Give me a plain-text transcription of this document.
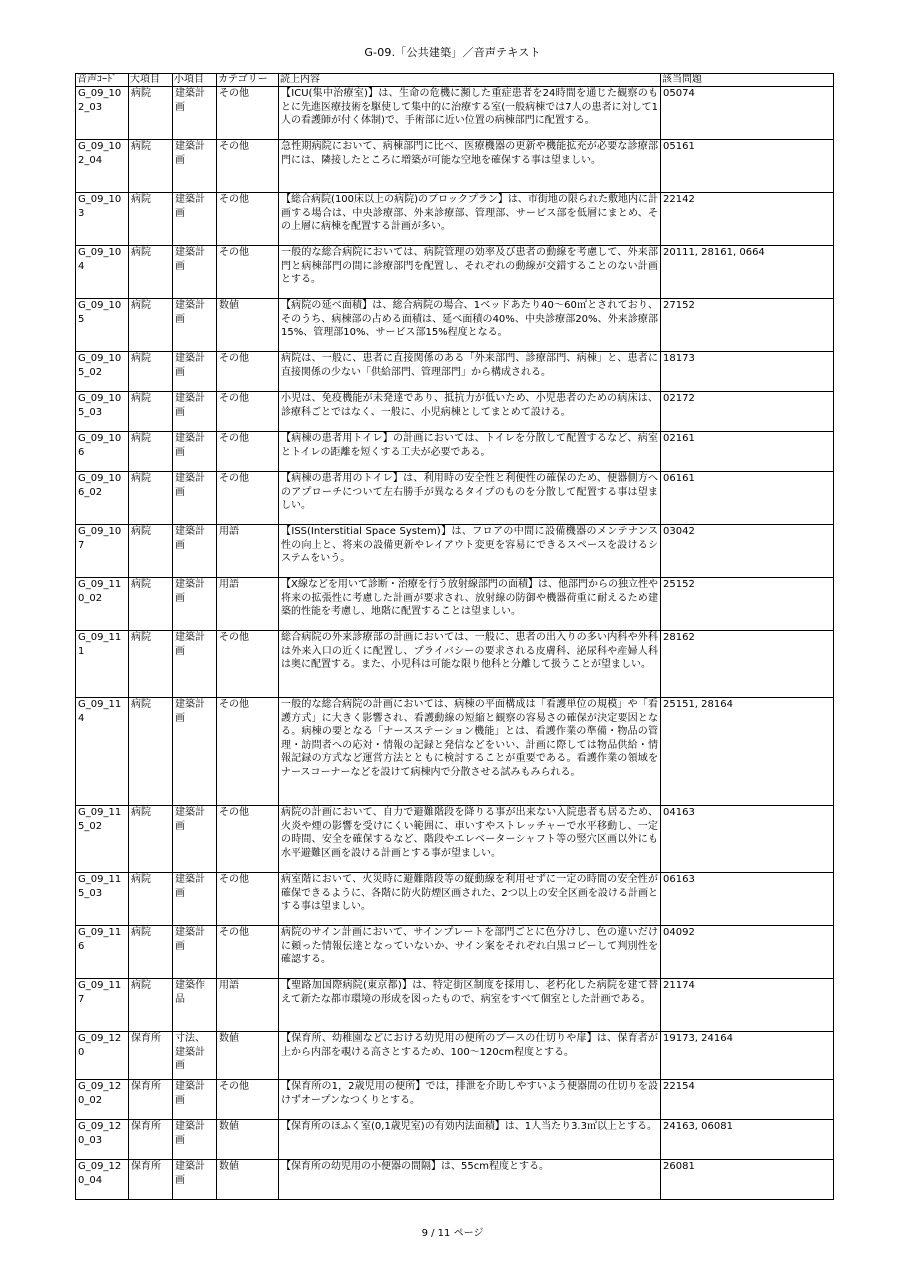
G-09.「公共建築」／音声テキスト
音声ｺｰﾄﾞ	大項目	小項目	カテゴリー	読上内容	該当問題
G_09_102_03	病院	建築計画	その他	【ICU(集中治療室)】は、生命の危機に瀕した重症患者を24時間を通じた観察のもとに先進医療技術を駆使して集中的に治療する室(一般病棟では7人の患者に対して1人の看護師が付く体制)で、手術部に近い位置の病棟部門に配置する。	05074
G_09_102_04	病院	建築計画	その他	急性期病院において、病棟部門に比べ、医療機器の更新や機能拡充が必要な診療部門には、隣接したところに増築が可能な空地を確保する事は望ましい。	05161
G_09_103	病院	建築計画	その他	【総合病院(100床以上の病院)のブロックプラン】は、市街地の限られた敷地内に計画する場合は、中央診療部、外来診療部、管理部、サービス部を低層にまとめ、その上層に病棟を配置する計画が多い。	22142
G_09_104	病院	建築計画	その他	一般的な総合病院においては、病院管理の効率及び患者の動線を考慮して、外来部門と病棟部門の間に診療部門を配置し、それぞれの動線が交錯することのない計画とする。	20111, 28161, 0664
G_09_105	病院	建築計画	数値	【病院の延べ面積】は、総合病院の場合、1ベッドあたり40～60㎡とされており、そのうち、病棟部の占める面積は、延べ面積の40%、中央診療部20%、外来診療部15%、管理部10%、サービス部15%程度となる。	27152
G_09_105_02	病院	建築計画	その他	病院は、一般に、患者に直接関係のある「外来部門、診療部門、病棟」と、患者に直接関係の少ない「供給部門、管理部門」から構成される。	18173
G_09_105_03	病院	建築計画	その他	小児は、免疫機能が未発達であり、抵抗力が低いため、小児患者のための病床は、診療科ごとではなく、一般に、小児病棟としてまとめて設ける。	02172
G_09_106	病院	建築計画	その他	【病棟の患者用トイレ】の計画においては、トイレを分散して配置するなど、病室とトイレの距離を短くする工夫が必要である。	02161
G_09_106_02	病院	建築計画	その他	【病棟の患者用のトイレ】は、利用時の安全性と利便性の確保のため、便器側方へのアプローチについて左右勝手が異なるタイプのものを分散して配置する事は望ましい。	06161
G_09_107	病院	建築計画	用語	【ISS(Interstitial Space System)】は、フロアの中間に設備機器のメンテナンス性の向上と、将来の設備更新やレイアウト変更を容易にできるスペースを設けるシステムをいう。	03042
G_09_110_02	病院	建築計画	用語	【X線などを用いて診断・治療を行う放射線部門の面積】は、他部門からの独立性や将来の拡張性に考慮した計画が要求され、放射線の防御や機器荷重に耐えるため建築的性能を考慮し、地階に配置することは望ましい。	25152
G_09_111	病院	建築計画	その他	総合病院の外来診療部の計画においては、一般に、患者の出入りの多い内科や外科は外来入口の近くに配置し、プライバシーの要求される皮膚科、泌尿科や産婦人科は奥に配置する。また、小児科は可能な限り他科と分離して扱うことが望ましい。	28162
G_09_114	病院	建築計画	その他	一般的な総合病院の計画においては、病棟の平面構成は「看護単位の規模」や「看護方式」に大きく影響され、看護動線の短縮と観察の容易さの確保が決定要因となる。病棟の要となる「ナースステーション機能」とは、看護作業の準備・物品の管理・訪問者への応対・情報の記録と発信などをいい、計画に際しては物品供給・情報記録の方式など運営方法とともに検討することが重要である。看護作業の領域をナースコーナーなどを設けて病棟内で分散させる試みもみられる。	25151, 28164
G_09_115_02	病院	建築計画	その他	病院の計画において、自力で避難階段を降りる事が出来ない入院患者も居るため、火炎や煙の影響を受けにくい範囲に、車いすやストレッチャーで水平移動し、一定の時間、安全を確保するなど、階段やエレベーターシャフト等の竪穴区画以外にも水平避難区画を設ける計画とする事が望ましい。	04163
G_09_115_03	病院	建築計画	その他	病室階において、火災時に避難階段等の縦動線を利用せずに一定の時間の安全性が確保できるように、各階に防火防煙区画された、2つ以上の安全区画を設ける計画とする事は望ましい。	06163
G_09_116	病院	建築計画	その他	病院のサイン計画において、サインプレートを部門ごとに色分けし、色の違いだけに頼った情報伝達となっていないか、サイン案をそれぞれ白黒コピーして判別性を確認する。	04092
G_09_117	病院	建築作品	用語	【聖路加国際病院(東京都)】は、特定街区制度を採用し、老朽化した病院を建て替えて新たな都市環境の形成を図ったもので、病室をすべて個室とした計画である。	21174
G_09_120	保育所	寸法、建築計画	数値	【保育所、幼稚園などにおける幼児用の便所のブースの仕切りや扉】は、保育者が上から内部を覗ける高さとするため、100～120cm程度とする。	19173, 24164
G_09_120_02	保育所	建築計画	その他	【保育所の1，2歳児用の便所】では，排泄を介助しやすいよう便器間の仕切りを設けずオープンなつくりとする。	22154
G_09_120_03	保育所	建築計画	数値	【保育所のほふく室(0,1歳児室)の有効内法面積】は、1人当たり3.3㎡以上とする。	24163, 06081
G_09_120_04	保育所	建築計画	数値	【保育所の幼児用の小便器の間隔】は、55cm程度とする。	26081
9 / 11 ページ
